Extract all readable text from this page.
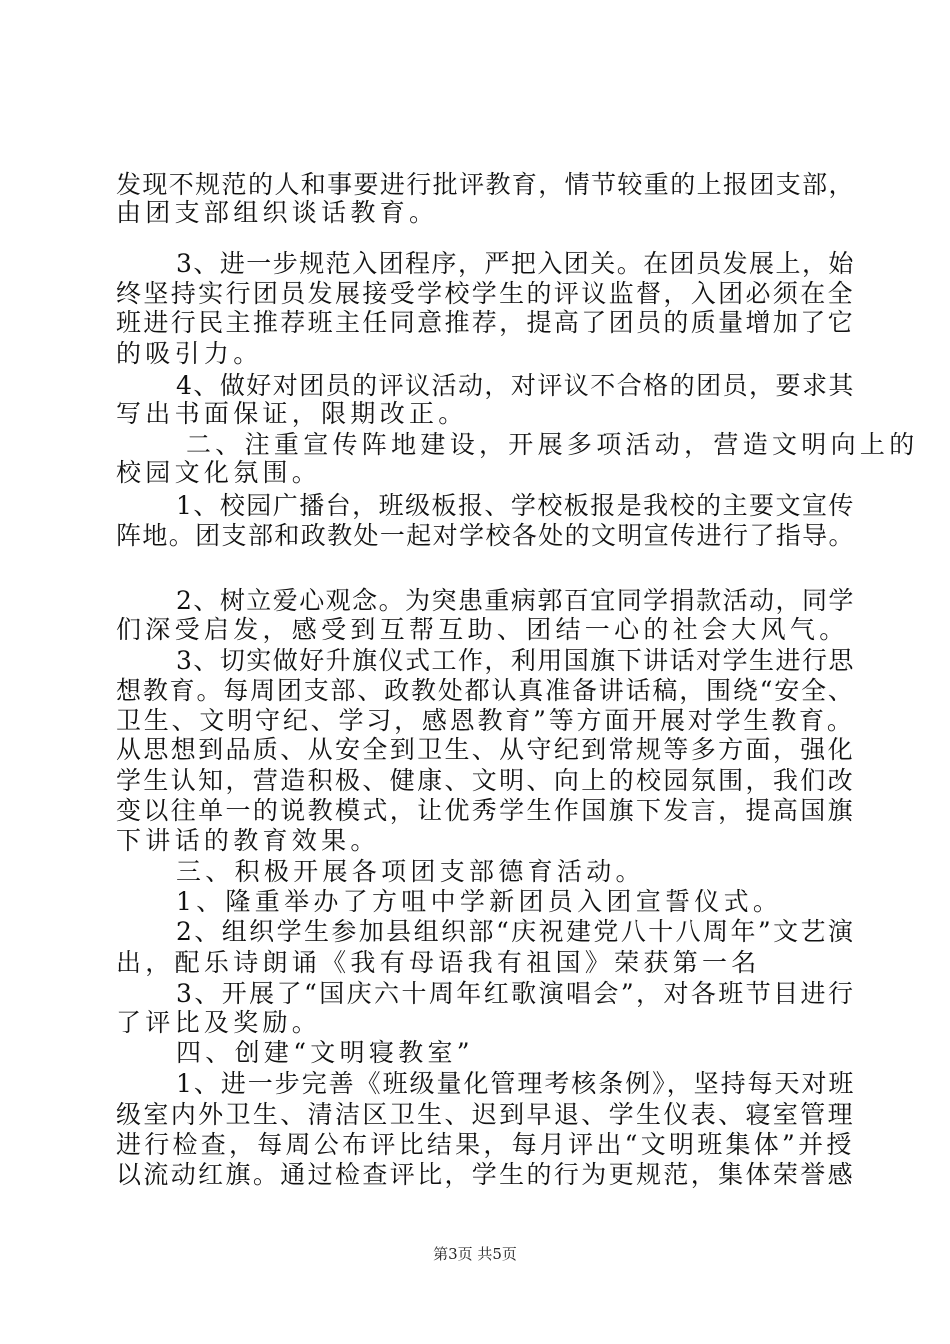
发现不规范的人和事要进行批评教育，情节较重的上报团支部，
由团支部组织谈话教育。
3、进一步规范入团程序，严把入团关。在团员发展上，始
终坚持实行团员发展接受学校学生的评议监督，入团必须在全
班进行民主推荐班主任同意推荐，提高了团员的质量增加了它
的吸引力。
4、做好对团员的评议活动，对评议不合格的团员，要求其
写出书面保证，限期改正。
二、注重宣传阵地建设，开展多项活动，营造文明向上的
校园文化氛围。
1、校园广播台，班级板报、学校板报是我校的主要文宣传
阵地。团支部和政教处一起对学校各处的文明宣传进行了指导。
2、树立爱心观念。为突患重病郭百宜同学捐款活动，同学
们深受启发，感受到互帮互助、团结一心的社会大风气。
3、切实做好升旗仪式工作，利用国旗下讲话对学生进行思
想教育。每周团支部、政教处都认真准备讲话稿，围绕“安全、
卫生、文明守纪、学习，感恩教育”等方面开展对学生教育。
从思想到品质、从安全到卫生、从守纪到常规等多方面，强化
学生认知，营造积极、健康、文明、向上的校园氛围，我们改
变以往单一的说教模式，让优秀学生作国旗下发言，提高国旗
下讲话的教育效果。
三、积极开展各项团支部德育活动。
1、隆重举办了方咀中学新团员入团宣誓仪式。
2、组织学生参加县组织部“庆祝建党八十八周年”文艺演
出，配乐诗朗诵《我有母语我有祖国》荣获第一名
3、开展了“国庆六十周年红歌演唱会”，对各班节目进行
了评比及奖励。
四、创建“文明寝教室”
1、进一步完善《班级量化管理考核条例》，坚持每天对班
级室内外卫生、清洁区卫生、迟到早退、学生仪表、寝室管理
进行检查，每周公布评比结果，每月评出“文明班集体”并授
以流动红旗。通过检查评比，学生的行为更规范，集体荣誉感
第3页 共5页
